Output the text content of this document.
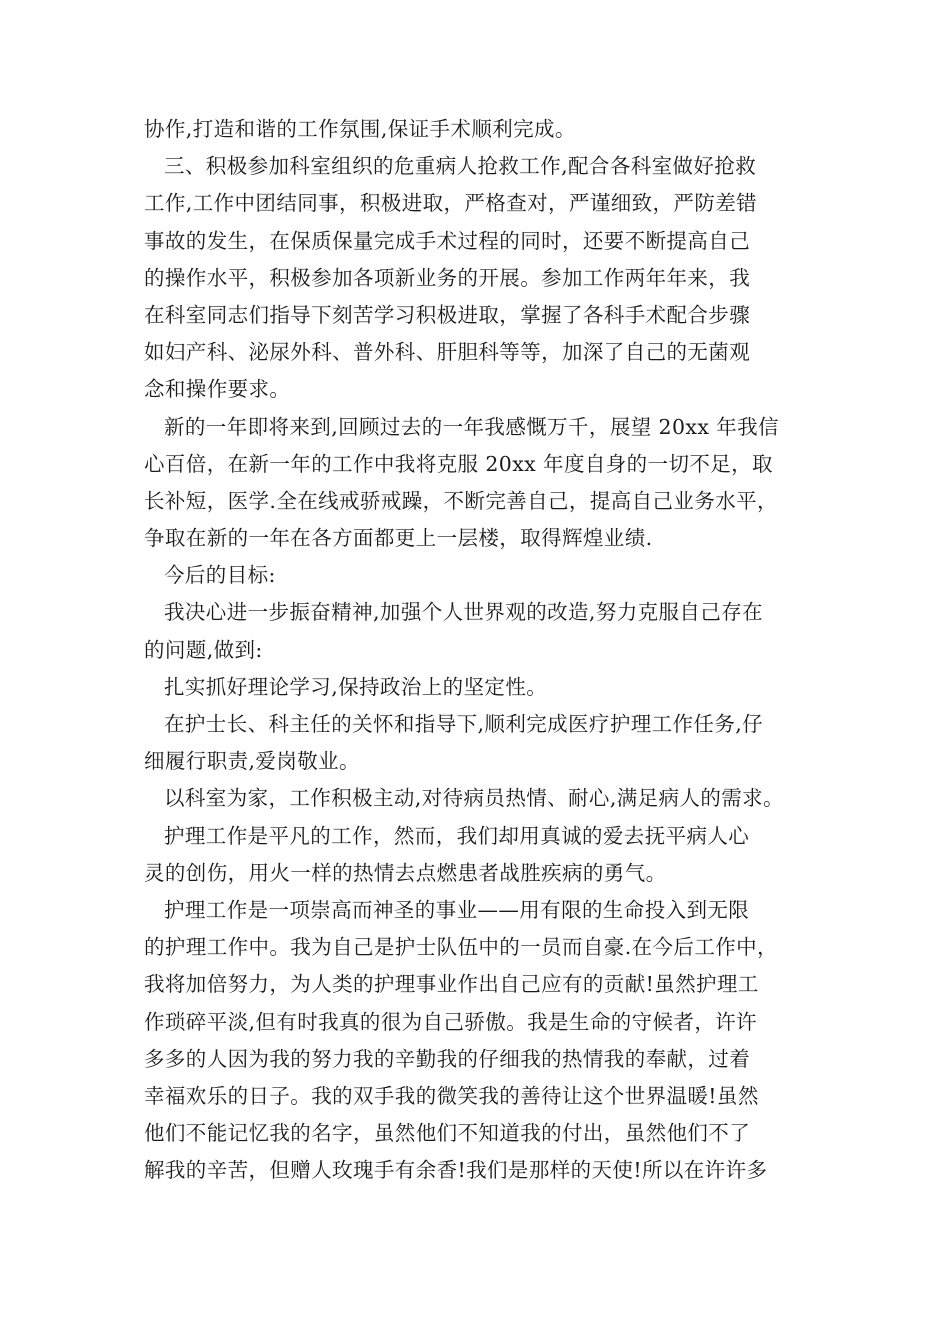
协作,打造和谐的工作氛围,保证手术顺利完成。
三、积极参加科室组织的危重病人抢救工作,配合各科室做好抢救
工作,工作中团结同事，积极进取，严格查对，严谨细致，严防差错
事故的发生，在保质保量完成手术过程的同时，还要不断提高自己
的操作水平，积极参加各项新业务的开展。参加工作两年年来，我
在科室同志们指导下刻苦学习积极进取，掌握了各科手术配合步骤
如妇产科、泌尿外科、普外科、肝胆科等等，加深了自己的无菌观
念和操作要求。
新的一年即将来到,回顾过去的一年我感慨万千，展望 20xx 年我信
心百倍，在新一年的工作中我将克服 20xx 年度自身的一切不足，取
长补短，医学.全在线戒骄戒躁，不断完善自己，提高自己业务水平，
争取在新的一年在各方面都更上一层楼，取得辉煌业绩.
今后的目标:
我决心进一步振奋精神,加强个人世界观的改造,努力克服自己存在
的问题,做到:
扎实抓好理论学习,保持政治上的坚定性。
在护士长、科主任的关怀和指导下,顺利完成医疗护理工作任务,仔
细履行职责,爱岗敬业。
以科室为家，工作积极主动,对待病员热情、耐心,满足病人的需求。
护理工作是平凡的工作，然而，我们却用真诚的爱去抚平病人心
灵的创伤，用火一样的热情去点燃患者战胜疾病的勇气。
护理工作是一项崇高而神圣的事业——用有限的生命投入到无限
的护理工作中。我为自己是护士队伍中的一员而自豪.在今后工作中，
我将加倍努力，为人类的护理事业作出自己应有的贡献!虽然护理工
作琐碎平淡,但有时我真的很为自己骄傲。我是生命的守候者，许许
多多的人因为我的努力我的辛勤我的仔细我的热情我的奉献，过着
幸福欢乐的日子。我的双手我的微笑我的善待让这个世界温暖!虽然
他们不能记忆我的名字，虽然他们不知道我的付出，虽然他们不了
解我的辛苦，但赠人玫瑰手有余香!我们是那样的天使!所以在许许多
